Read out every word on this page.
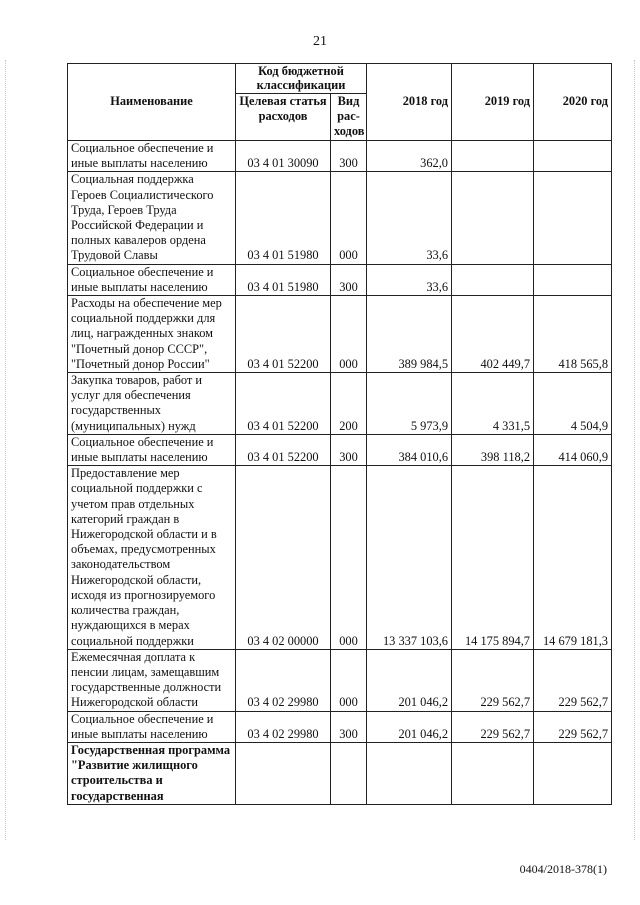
21
Наименование	Код бюджетной классификации		2018 год	2019 год	2020 год
	Целевая статья расходов	Вид рас-ходов			
Социальное обеспечение и иные выплаты населению	03 4 01 30090	300	362,0		
Социальная поддержка Героев Социалистического Труда, Героев Труда Российской Федерации и полных кавалеров ордена Трудовой Славы	03 4 01 51980	000	33,6		
Социальное обеспечение и иные выплаты населению	03 4 01 51980	300	33,6		
Расходы на обеспечение мер социальной поддержки для лиц, награжденных знаком "Почетный донор СССР", "Почетный донор России"	03 4 01 52200	000	389 984,5	402 449,7	418 565,8
Закупка товаров, работ и услуг для обеспечения государственных (муниципальных) нужд	03 4 01 52200	200	5 973,9	4 331,5	4 504,9
Социальное обеспечение и иные выплаты населению	03 4 01 52200	300	384 010,6	398 118,2	414 060,9
Предоставление мер социальной поддержки с учетом прав отдельных категорий граждан в Нижегородской области и в объемах, предусмотренных законодательством Нижегородской области, исходя из прогнозируемого количества граждан, нуждающихся в мерах социальной поддержки	03 4 02 00000	000	13 337 103,6	14 175 894,7	14 679 181,3
Ежемесячная доплата к пенсии лицам, замещавшим государственные должности Нижегородской области	03 4 02 29980	000	201 046,2	229 562,7	229 562,7
Социальное обеспечение и иные выплаты населению	03 4 02 29980	300	201 046,2	229 562,7	229 562,7
Государственная программа "Развитие жилищного строительства и государственная					
0404/2018-378(1)
